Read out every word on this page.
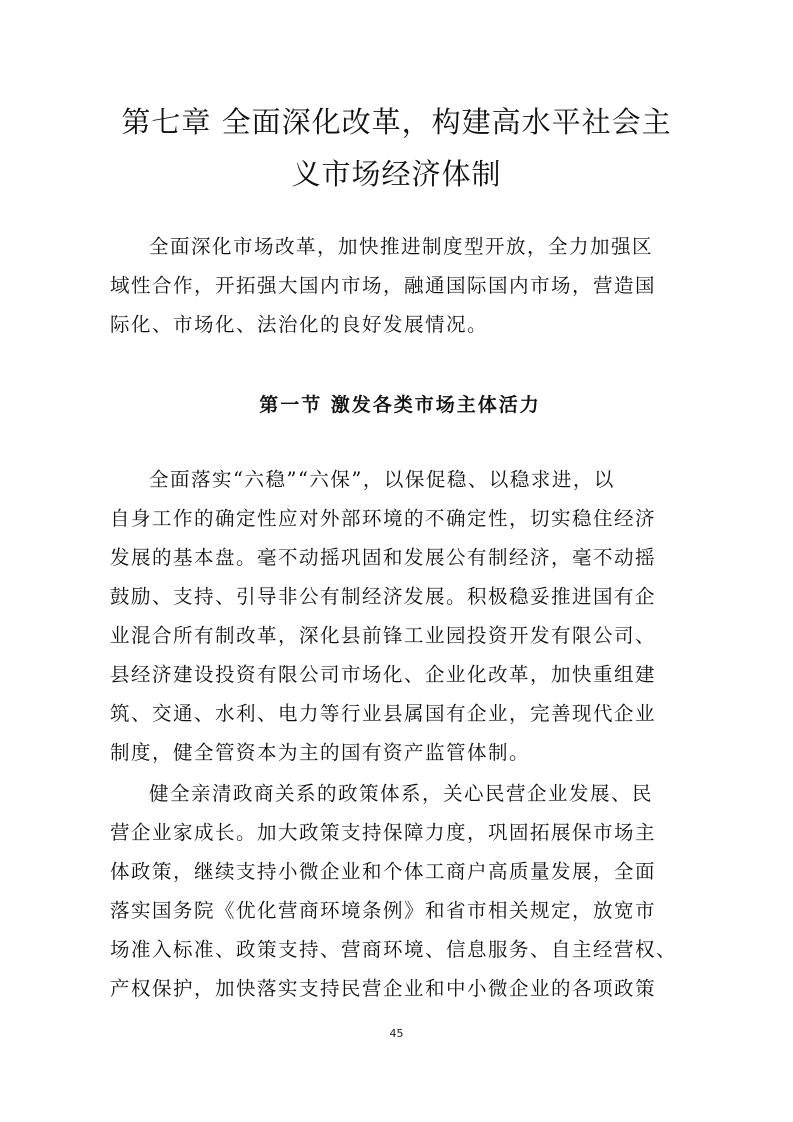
第七章 全面深化改革，构建高水平社会主
义市场经济体制

全面深化市场改革，加快推进制度型开放，全力加强区
域性合作，开拓强大国内市场，融通国际国内市场，营造国
际化、市场化、法治化的良好发展情况。

第一节 激发各类市场主体活力

全面落实“六稳”“六保”，以保促稳、以稳求进，以
自身工作的确定性应对外部环境的不确定性，切实稳住经济
发展的基本盘。毫不动摇巩固和发展公有制经济，毫不动摇
鼓励、支持、引导非公有制经济发展。积极稳妥推进国有企
业混合所有制改革，深化县前锋工业园投资开发有限公司、
县经济建设投资有限公司市场化、企业化改革，加快重组建
筑、交通、水利、电力等行业县属国有企业，完善现代企业
制度，健全管资本为主的国有资产监管体制。

健全亲清政商关系的政策体系，关心民营企业发展、民
营企业家成长。加大政策支持保障力度，巩固拓展保市场主
体政策，继续支持小微企业和个体工商户高质量发展，全面
落实国务院《优化营商环境条例》和省市相关规定，放宽市
场准入标准、政策支持、营商环境、信息服务、自主经营权、
产权保护，加快落实支持民营企业和中小微企业的各项政策

45
